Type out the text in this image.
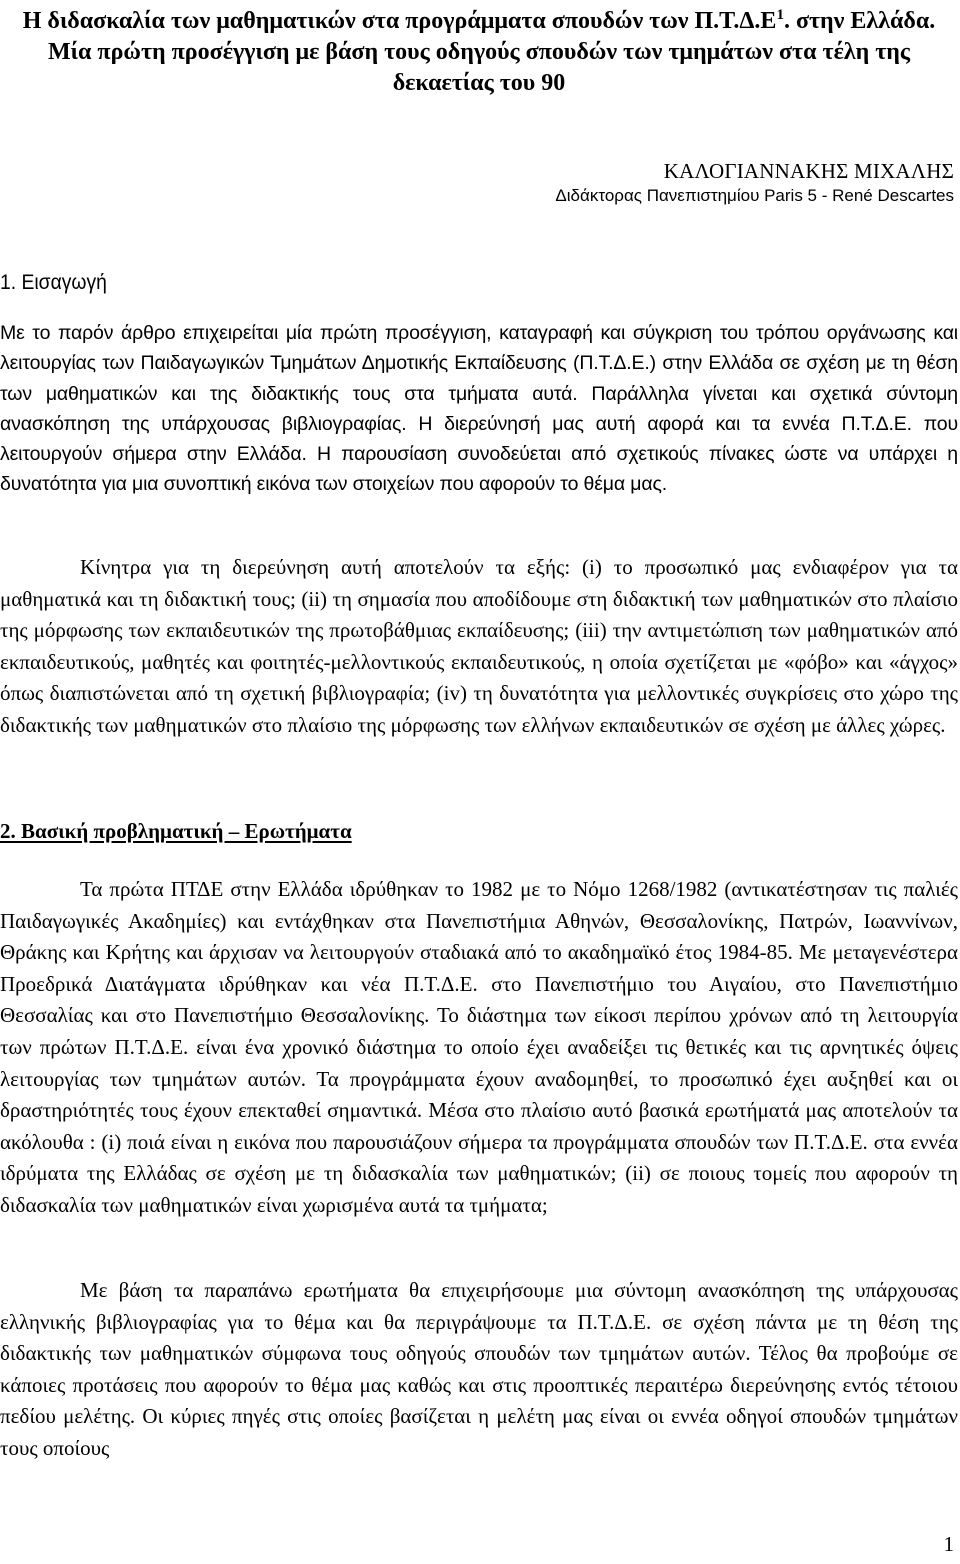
Η διδασκαλία των μαθηματικών στα προγράμματα σπουδών των $\Pi.T.\Delta.E^1$. στην Ελλάδα. Μία πρώτη προσέγγιση με βάση τους οδηγούς σπουδών των τμημάτων στα τέλη της δεκαετίας του 90
ΚΑΛΟΓΙΑΝΝΑΚΗΣ ΜΙΧΑΛΗΣ
Διδάκτορας Πανεπιστημίου Paris 5 - René Descartes
1. Εισαγωγή

Με το παρόν άρθρο επιχειρείται μία πρώτη προσέγγιση, καταγραφή και σύγκριση του τρόπου οργάνωσης και λειτουργίας των Παιδαγωγικών Τμημάτων Δημοτικής Εκπαίδευσης (Π.Τ.Δ.Ε.) στην Ελλάδα σε σχέση με τη θέση των μαθηματικών και της διδακτικής τους στα τμήματα αυτά. Παράλληλα γίνεται και σχετικά σύντομη ανασκόπηση της υπάρχουσας βιβλιογραφίας. Η διερεύνησή μας αυτή αφορά και τα εννέα Π.Τ.Δ.Ε. που λειτουργούν σήμερα στην Ελλάδα. Η παρουσίαση συνοδεύεται από σχετικούς πίνακες ώστε να υπάρχει η δυνατότητα για μια συνοπτική εικόνα των στοιχείων που αφορούν το θέμα μας.

Κίνητρα για τη διερεύνηση αυτή αποτελούν τα εξής: (i) το προσωπικό μας ενδιαφέρον για τα μαθηματικά και τη διδακτική τους; (ii) τη σημασία που αποδίδουμε στη διδακτική των μαθηματικών στο πλαίσιο της μόρφωσης των εκπαιδευτικών της πρωτοβάθμιας εκπαίδευσης; (iii) την αντιμετώπιση των μαθηματικών από εκπαιδευτικούς, μαθητές και φοιτητές-μελλοντικούς εκπαιδευτικούς, η οποία σχετίζεται με «φόβο» και «άγχος» όπως διαπιστώνεται από τη σχετική βιβλιογραφία; (iv) τη δυνατότητα για μελλοντικές συγκρίσεις στο χώρο της διδακτικής των μαθηματικών στο πλαίσιο της μόρφωσης των ελλήνων εκπαιδευτικών σε σχέση με άλλες χώρες.

2. Βασική προβληματική – Ερωτήματα

Τα πρώτα ΠΤΔΕ στην Ελλάδα ιδρύθηκαν το 1982 με το Νόμο 1268/1982 (αντικατέστησαν τις παλιές Παιδαγωγικές Ακαδημίες) και εντάχθηκαν στα Πανεπιστήμια Αθηνών, Θεσσαλονίκης, Πατρών, Ιωαννίνων, Θράκης και Κρήτης και άρχισαν να λειτουργούν σταδιακά από το ακαδημαϊκό έτος 1984-85. Με μεταγενέστερα Προεδρικά Διατάγματα ιδρύθηκαν και νέα Π.Τ.Δ.Ε. στο Πανεπιστήμιο του Αιγαίου, στο Πανεπιστήμιο Θεσσαλίας και στο Πανεπιστήμιο Θεσσαλονίκης. Το διάστημα των είκοσι περίπου χρόνων από τη λειτουργία των πρώτων Π.Τ.Δ.Ε. είναι ένα χρονικό διάστημα το οποίο έχει αναδείξει τις θετικές και τις αρνητικές όψεις λειτουργίας των τμημάτων αυτών. Τα προγράμματα έχουν αναδομηθεί, το προσωπικό έχει αυξηθεί και οι δραστηριότητές τους έχουν επεκταθεί σημαντικά. Μέσα στο πλαίσιο αυτό βασικά ερωτήματά μας αποτελούν τα ακόλουθα : (i) ποιά είναι η εικόνα που παρουσιάζουν σήμερα τα προγράμματα σπουδών των Π.Τ.Δ.Ε. στα εννέα ιδρύματα της Ελλάδας σε σχέση με τη διδασκαλία των μαθηματικών; (ii) σε ποιους τομείς που αφορούν τη διδασκαλία των μαθηματικών είναι χωρισμένα αυτά τα τμήματα;

Με βάση τα παραπάνω ερωτήματα θα επιχειρήσουμε μια σύντομη ανασκόπηση της υπάρχουσας ελληνικής βιβλιογραφίας για το θέμα και θα περιγράψουμε τα Π.Τ.Δ.Ε. σε σχέση πάντα με τη θέση της διδακτικής των μαθηματικών σύμφωνα τους οδηγούς σπουδών των τμημάτων αυτών. Τέλος θα προβούμε σε κάποιες προτάσεις που αφορούν το θέμα μας καθώς και στις προοπτικές περαιτέρω διερεύνησης εντός τέτοιου πεδίου μελέτης. Οι κύριες πηγές στις οποίες βασίζεται η μελέτη μας είναι οι εννέα οδηγοί σπουδών τμημάτων τους οποίους

1
